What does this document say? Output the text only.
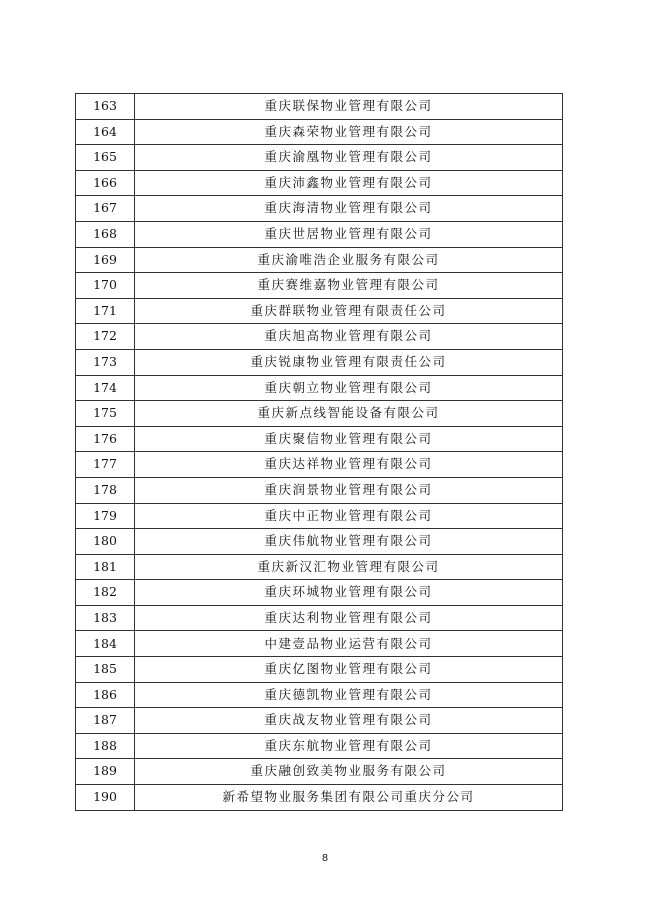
163	重庆联保物业管理有限公司
164	重庆森荣物业管理有限公司
165	重庆渝凰物业管理有限公司
166	重庆沛鑫物业管理有限公司
167	重庆海清物业管理有限公司
168	重庆世居物业管理有限公司
169	重庆渝唯浩企业服务有限公司
170	重庆赛维嘉物业管理有限公司
171	重庆群联物业管理有限责任公司
172	重庆旭高物业管理有限公司
173	重庆锐康物业管理有限责任公司
174	重庆朝立物业管理有限公司
175	重庆新点线智能设备有限公司
176	重庆聚信物业管理有限公司
177	重庆达祥物业管理有限公司
178	重庆润景物业管理有限公司
179	重庆中正物业管理有限公司
180	重庆伟航物业管理有限公司
181	重庆新汉汇物业管理有限公司
182	重庆环城物业管理有限公司
183	重庆达利物业管理有限公司
184	中建壹品物业运营有限公司
185	重庆亿图物业管理有限公司
186	重庆德凯物业管理有限公司
187	重庆战友物业管理有限公司
188	重庆东航物业管理有限公司
189	重庆融创致美物业服务有限公司
190	新希望物业服务集团有限公司重庆分公司
8
